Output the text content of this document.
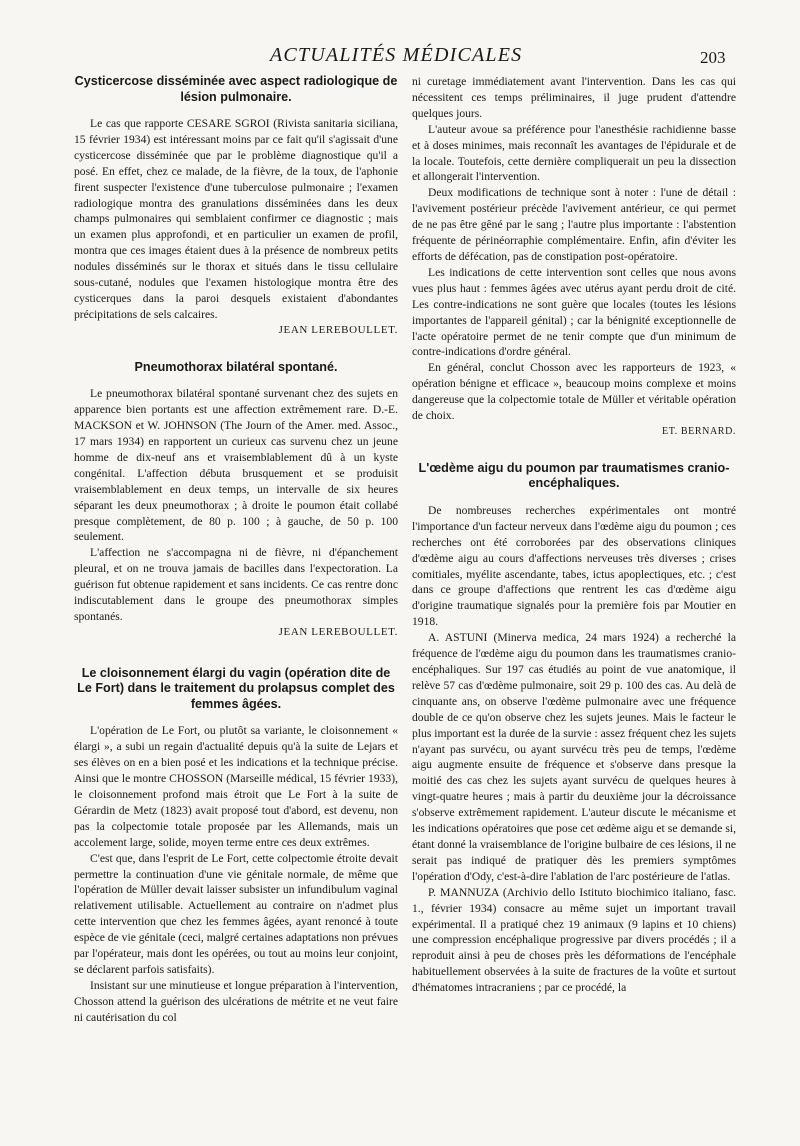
ACTUALITÉS MÉDICALES	203
Cysticercose disséminée avec aspect radiologique de lésion pulmonaire.

Le cas que rapporte CESARE SGROI (Rivista sanitaria siciliana, 15 février 1934) est intéressant moins par ce fait qu'il s'agissait d'une cysticercose disséminée que par le problème diagnostique qu'il a posé. En effet, chez ce malade, de la fièvre, de la toux, de l'aphonie firent suspecter l'existence d'une tuberculose pulmonaire ; l'examen radiologique montra des granulations disséminées dans les deux champs pulmonaires qui semblaient confirmer ce diagnostic ; mais un examen plus approfondi, et en particulier un examen de profil, montra que ces images étaient dues à la présence de nombreux petits nodules disséminés sur le thorax et situés dans le tissu cellulaire sous-cutané, nodules que l'examen histologique montra être des cysticerques dans la paroi desquels existaient d'abondantes précipitations de sels calcaires.

JEAN LEREBOULLET.
Pneumothorax bilatéral spontané.

Le pneumothorax bilatéral spontané survenant chez des sujets en apparence bien portants est une affection extrêmement rare. D.-E. MACKSON et W. JOHNSON (The Journ of the Amer. med. Assoc., 17 mars 1934) en rapportent un curieux cas survenu chez un jeune homme de dix-neuf ans et vraisemblablement dû à un kyste congénital. L'affection débuta brusquement et se produisit vraisemblablement en deux temps, un intervalle de six heures séparant les deux pneumothorax ; à droite le poumon était collabé presque complètement, de 80 p. 100 ; à gauche, de 50 p. 100 seulement.

L'affection ne s'accompagna ni de fièvre, ni d'épanchement pleural, et on ne trouva jamais de bacilles dans l'expectoration. La guérison fut obtenue rapidement et sans incidents. Ce cas rentre donc indiscutablement dans le groupe des pneumothorax simples spontanés.

JEAN LEREBOULLET.
Le cloisonnement élargi du vagin (opération dite de Le Fort) dans le traitement du prolapsus complet des femmes âgées.

L'opération de Le Fort, ou plutôt sa variante, le cloisonnement « élargi », a subi un regain d'actualité depuis qu'à la suite de Lejars et ses élèves on en a bien posé et les indications et la technique précise. Ainsi que le montre CHOSSON (Marseille médical, 15 février 1933), le cloisonnement profond mais étroit que Le Fort à la suite de Gérardin de Metz (1823) avait proposé tout d'abord, est devenu, non pas la colpectomie totale proposée par les Allemands, mais un accolement large, solide, moyen terme entre ces deux extrêmes.

C'est que, dans l'esprit de Le Fort, cette colpectomie étroite devait permettre la continuation d'une vie génitale normale, de même que l'opération de Müller devait laisser subsister un infundibulum vaginal relativement utilisable. Actuellement au contraire on n'admet plus cette intervention que chez les femmes âgées, ayant renoncé à toute espèce de vie génitale (ceci, malgré certaines adaptations non prévues par l'opérateur, mais dont les opérées, ou tout au moins leur conjoint, se déclarent parfois satisfaits).

Insistant sur une minutieuse et longue préparation à l'intervention, Chosson attend la guérison des ulcérations de métrite et ne veut faire ni cautérisation du col

ni curetage immédiatement avant l'intervention. Dans les cas qui nécessitent ces temps préliminaires, il juge prudent d'attendre quelques jours.

L'auteur avoue sa préférence pour l'anesthésie rachidienne basse et à doses minimes, mais reconnaît les avantages de l'épidurale et de la locale. Toutefois, cette dernière compliquerait un peu la dissection et allongerait l'intervention.

Deux modifications de technique sont à noter : l'une de détail : l'avivement postérieur précède l'avivement antérieur, ce qui permet de ne pas être gêné par le sang ; l'autre plus importante : l'abstention fréquente de périnéorraphie complémentaire. Enfin, afin d'éviter les efforts de défécation, pas de constipation post-opératoire.

Les indications de cette intervention sont celles que nous avons vues plus haut : femmes âgées avec utérus ayant perdu droit de cité. Les contre-indications ne sont guère que locales (toutes les lésions importantes de l'appareil génital) ; car la bénignité exceptionnelle de l'acte opératoire permet de ne tenir compte que d'un minimum de contre-indications d'ordre général.

En général, conclut Chosson avec les rapporteurs de 1923, « opération bénigne et efficace », beaucoup moins complexe et moins dangereuse que la colpectomie totale de Müller et véritable opération de choix.

ET. BERNARD.
L'œdème aigu du poumon par traumatismes cranio-encéphaliques.

De nombreuses recherches expérimentales ont montré l'importance d'un facteur nerveux dans l'œdème aigu du poumon ; ces recherches ont été corroborées par des observations cliniques d'œdème aigu au cours d'affections nerveuses très diverses ; crises comitiales, myélite ascendante, tabes, ictus apoplectiques, etc. ; c'est dans ce groupe d'affections que rentrent les cas d'œdème aigu d'origine traumatique signalés pour la première fois par Moutier en 1918.

A. ASTUNI (Minerva medica, 24 mars 1924) a recherché la fréquence de l'œdème aigu du poumon dans les traumatismes cranio-encéphaliques. Sur 197 cas étudiés au point de vue anatomique, il relève 57 cas d'œdème pulmonaire, soit 29 p. 100 des cas. Au delà de cinquante ans, on observe l'œdème pulmonaire avec une fréquence double de ce qu'on observe chez les sujets jeunes. Mais le facteur le plus important est la durée de la survie : assez fréquent chez les sujets n'ayant pas survécu, ou ayant survécu très peu de temps, l'œdème aigu augmente ensuite de fréquence et s'observe dans presque la moitié des cas chez les sujets ayant survécu de quelques heures à vingt-quatre heures ; mais à partir du deuxième jour la décroissance s'observe extrêmement rapidement. L'auteur discute le mécanisme et les indications opératoires que pose cet œdème aigu et se demande si, étant donné la vraisemblance de l'origine bulbaire de ces lésions, il ne serait pas indiqué de pratiquer dès les premiers symptômes l'opération d'Ody, c'est-à-dire l'ablation de l'arc postérieure de l'atlas.

P. MANNUZA (Archivio dello Istituto biochimico italiano, fasc. 1., février 1934) consacre au même sujet un important travail expérimental. Il a pratiqué chez 19 animaux (9 lapins et 10 chiens) une compression encéphalique progressive par divers procédés ; il a reproduit ainsi à peu de choses près les déformations de l'encéphale habituellement observées à la suite de fractures de la voûte et surtout d'hématomes intracraniens ; par ce procédé, la
